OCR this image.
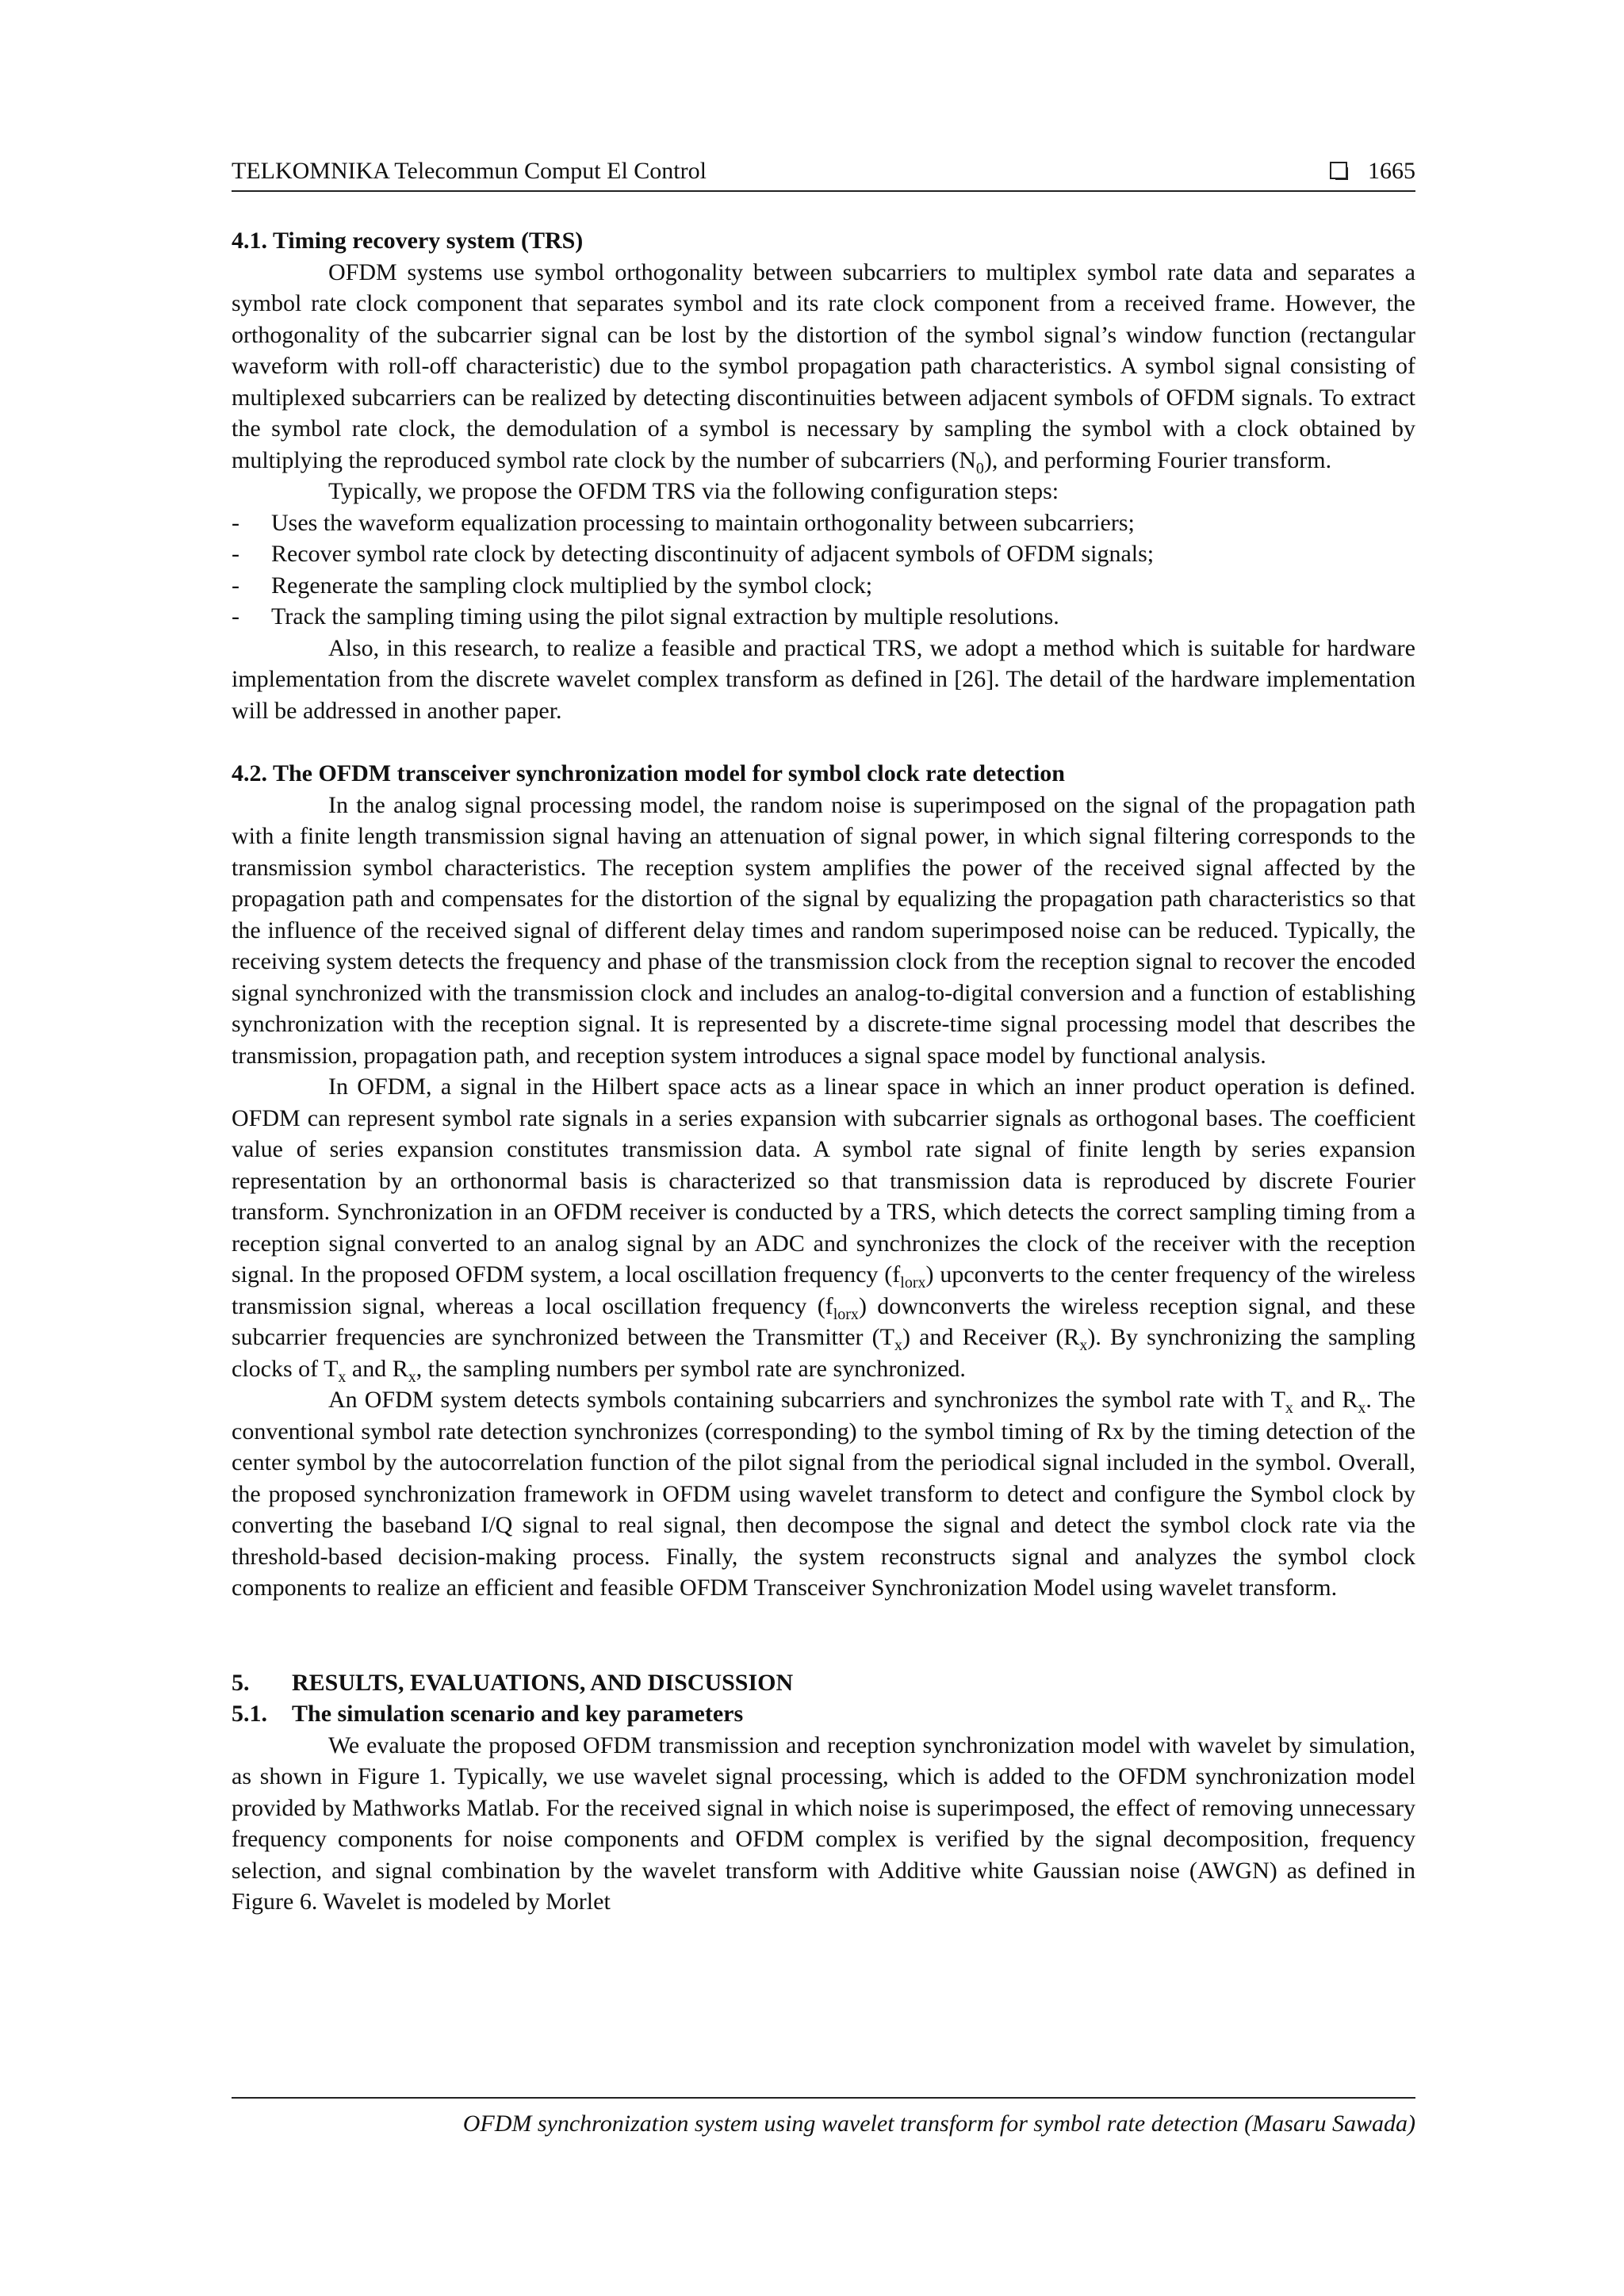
TELKOMNIKA Telecommun Comput El Control	1665

4.1. Timing recovery system (TRS)

OFDM systems use symbol orthogonality between subcarriers to multiplex symbol rate data and separates a symbol rate clock component that separates symbol and its rate clock component from a received frame. However, the orthogonality of the subcarrier signal can be lost by the distortion of the symbol signal’s window function (rectangular waveform with roll-off characteristic) due to the symbol propagation path characteristics. A symbol signal consisting of multiplexed subcarriers can be realized by detecting discontinuities between adjacent symbols of OFDM signals. To extract the symbol rate clock, the demodulation of a symbol is necessary by sampling the symbol with a clock obtained by multiplying the reproduced symbol rate clock by the number of subcarriers $(N_0)$, and performing Fourier transform.

Typically, we propose the OFDM TRS via the following configuration steps:

- Uses the waveform equalization processing to maintain orthogonality between subcarriers;
- Recover symbol rate clock by detecting discontinuity of adjacent symbols of OFDM signals;
- Regenerate the sampling clock multiplied by the symbol clock;
- Track the sampling timing using the pilot signal extraction by multiple resolutions.

Also, in this research, to realize a feasible and practical TRS, we adopt a method which is suitable for hardware implementation from the discrete wavelet complex transform as defined in [26]. The detail of the hardware implementation will be addressed in another paper.

4.2. The OFDM transceiver synchronization model for symbol clock rate detection

In the analog signal processing model, the random noise is superimposed on the signal of the propagation path with a finite length transmission signal having an attenuation of signal power, in which signal filtering corresponds to the transmission symbol characteristics. The reception system amplifies the power of the received signal affected by the propagation path and compensates for the distortion of the signal by equalizing the propagation path characteristics so that the influence of the received signal of different delay times and random superimposed noise can be reduced. Typically, the receiving system detects the frequency and phase of the transmission clock from the reception signal to recover the encoded signal synchronized with the transmission clock and includes an analog-to-digital conversion and a function of establishing synchronization with the reception signal. It is represented by a discrete-time signal processing model that describes the transmission, propagation path, and reception system introduces a signal space model by functional analysis.

In OFDM, a signal in the Hilbert space acts as a linear space in which an inner product operation is defined. OFDM can represent symbol rate signals in a series expansion with subcarrier signals as orthogonal bases. The coefficient value of series expansion constitutes transmission data. A symbol rate signal of finite length by series expansion representation by an orthonormal basis is characterized so that transmission data is reproduced by discrete Fourier transform. Synchronization in an OFDM receiver is conducted by a TRS, which detects the correct sampling timing from a reception signal converted to an analog signal by an ADC and synchronizes the clock of the receiver with the reception signal. In the proposed OFDM system, a local oscillation frequency $(f_{lorx})$ upconverts to the center frequency of the wireless transmission signal, whereas a local oscillation frequency $(f_{lorx})$ downconverts the wireless reception signal, and these subcarrier frequencies are synchronized between the Transmitter $(T_x)$ and Receiver $(R_x)$. By synchronizing the sampling clocks of $T_x$ and $R_x$, the sampling numbers per symbol rate are synchronized.

An OFDM system detects symbols containing subcarriers and synchronizes the symbol rate with $T_x$ and $R_x$. The conventional symbol rate detection synchronizes (corresponding) to the symbol timing of Rx by the timing detection of the center symbol by the autocorrelation function of the pilot signal from the periodical signal included in the symbol. Overall, the proposed synchronization framework in OFDM using wavelet transform to detect and configure the Symbol clock by converting the baseband I/Q signal to real signal, then decompose the signal and detect the symbol clock rate via the threshold-based decision-making process. Finally, the system reconstructs signal and analyzes the symbol clock components to realize an efficient and feasible OFDM Transceiver Synchronization Model using wavelet transform.

5. RESULTS, EVALUATIONS, AND DISCUSSION

5.1. The simulation scenario and key parameters

We evaluate the proposed OFDM transmission and reception synchronization model with wavelet by simulation, as shown in Figure 1. Typically, we use wavelet signal processing, which is added to the OFDM synchronization model provided by Mathworks Matlab. For the received signal in which noise is superimposed, the effect of removing unnecessary frequency components for noise components and OFDM complex is verified by the signal decomposition, frequency selection, and signal combination by the wavelet transform with Additive white Gaussian noise (AWGN) as defined in Figure 6. Wavelet is modeled by Morlet

OFDM synchronization system using wavelet transform for symbol rate detection (Masaru Sawada)
